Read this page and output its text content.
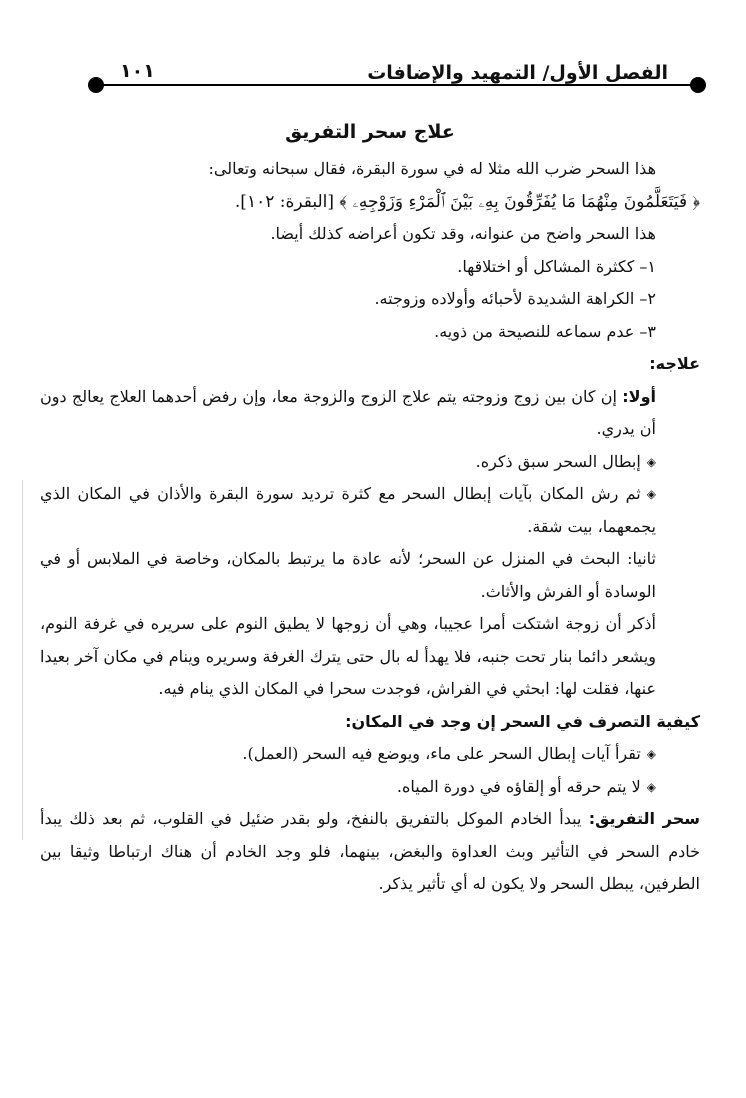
الفصل الأول/ التمهيد والإضافات
١٠١
علاج سحر التفريق

هذا السحر ضرب الله مثلا له في سورة البقرة، فقال سبحانه وتعالى:

﴿ فَيَتَعَلَّمُونَ مِنْهُمَا مَا يُفَرِّقُونَ بِهِۦ بَيْنَ ٱلْمَرْءِ وَزَوْجِهِۦ ﴾ [البقرة: ١٠٢].

هذا السحر واضح من عنوانه، وقد تكون أعراضه كذلك أيضا.

١– ككثرة المشاكل أو اختلاقها.

٢– الكراهة الشديدة لأحبائه وأولاده وزوجته.

٣– عدم سماعه للنصيحة من ذويه.

علاجه:

أولا: إن كان بين زوج وزوجته يتم علاج الزوج والزوجة معا، وإن رفض أحدهما العلاج يعالج دون أن يدري.

◈إبطال السحر سبق ذكره.

◈ثم رش المكان بآيات إبطال السحر مع كثرة ترديد سورة البقرة والأذان في المكان الذي يجمعهما، بيت شقة.

ثانيا: البحث في المنزل عن السحر؛ لأنه عادة ما يرتبط بالمكان، وخاصة في الملابس أو في الوسادة أو الفرش والأثاث.

أذكر أن زوجة اشتكت أمرا عجيبا، وهي أن زوجها لا يطيق النوم على سريره في غرفة النوم، ويشعر دائما بنار تحت جنبه، فلا يهدأ له بال حتى يترك الغرفة وسريره وينام في مكان آخر بعيدا عنها، فقلت لها: ابحثي في الفراش، فوجدت سحرا في المكان الذي ينام فيه.

كيفية التصرف في السحر إن وجد في المكان:

◈تقرأ آيات إبطال السحر على ماء، ويوضع فيه السحر (العمل).

◈لا يتم حرقه أو إلقاؤه في دورة المياه.

سحر التفريق: يبدأ الخادم الموكل بالتفريق بالنفخ، ولو بقدر ضئيل في القلوب، ثم بعد ذلك يبدأ خادم السحر في التأثير وبث العداوة والبغض، بينهما، فلو وجد الخادم أن هناك ارتباطا وثيقا بين الطرفين، يبطل السحر ولا يكون له أي تأثير يذكر.
